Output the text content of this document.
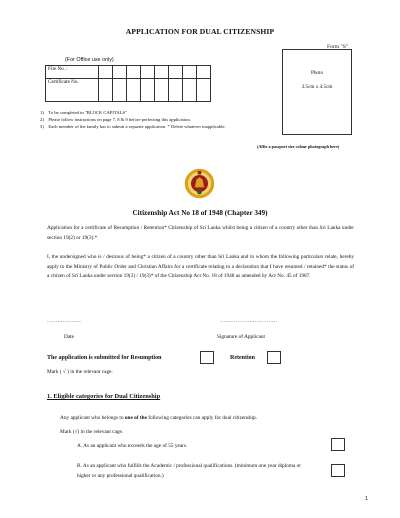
APPLICATION FOR DUAL CITIZENSHIP
Form "S"
(For Office use only)
File No. :								
Certificate No.								
Photo
3.5cm x 4.5cm
(Affix a passport size colour photograph here)
1)    To be completed in "BLOCK CAPITALS"
2)    Please follow instructions on page 7, 8 & 9 before perfecting this application.
3)    Each member of the family has to submit a separate application. * Delete whatever inapplicable.
Citizenship Act No 18 of 1948 (Chapter 349)
Application for a certificate of Resumption / Retention* Citizenship of Sri Lanka whilst being a citizen of a country other than Sri Lanka under section 19(2) or 19(3).*
I, the undersigned who is / desirous of being* a citizen of a country other than Sri Lanka and to whom the following particulars relate, hereby apply to the Ministry of Public Order and Christian Affairs for a certificate relating to a declaration that I have resumed / retained* the status of a citizen of Sri Lanka under section 19(2) / 19(3)* of the Citizenship Act No. 18 of 1948 as amended by Act No. 45 of 1987.
………………..	……………………………
Date	Signature of Applicant
The application is submitted for Resumption	Retention
Mark ( √ ) in the relevant cage.
1. Eligible categories for Dual Citizenship
Any applicant who belongs to one of the following categories can apply for dual citizenship.
Mark (√) in the relevant cage.
A. As an applicant who exceeds the age of 55 years.
B. As an applicant who fulfills the Academic / professional qualifications. (minimum one year diploma or higher or any professional qualification.)
1
